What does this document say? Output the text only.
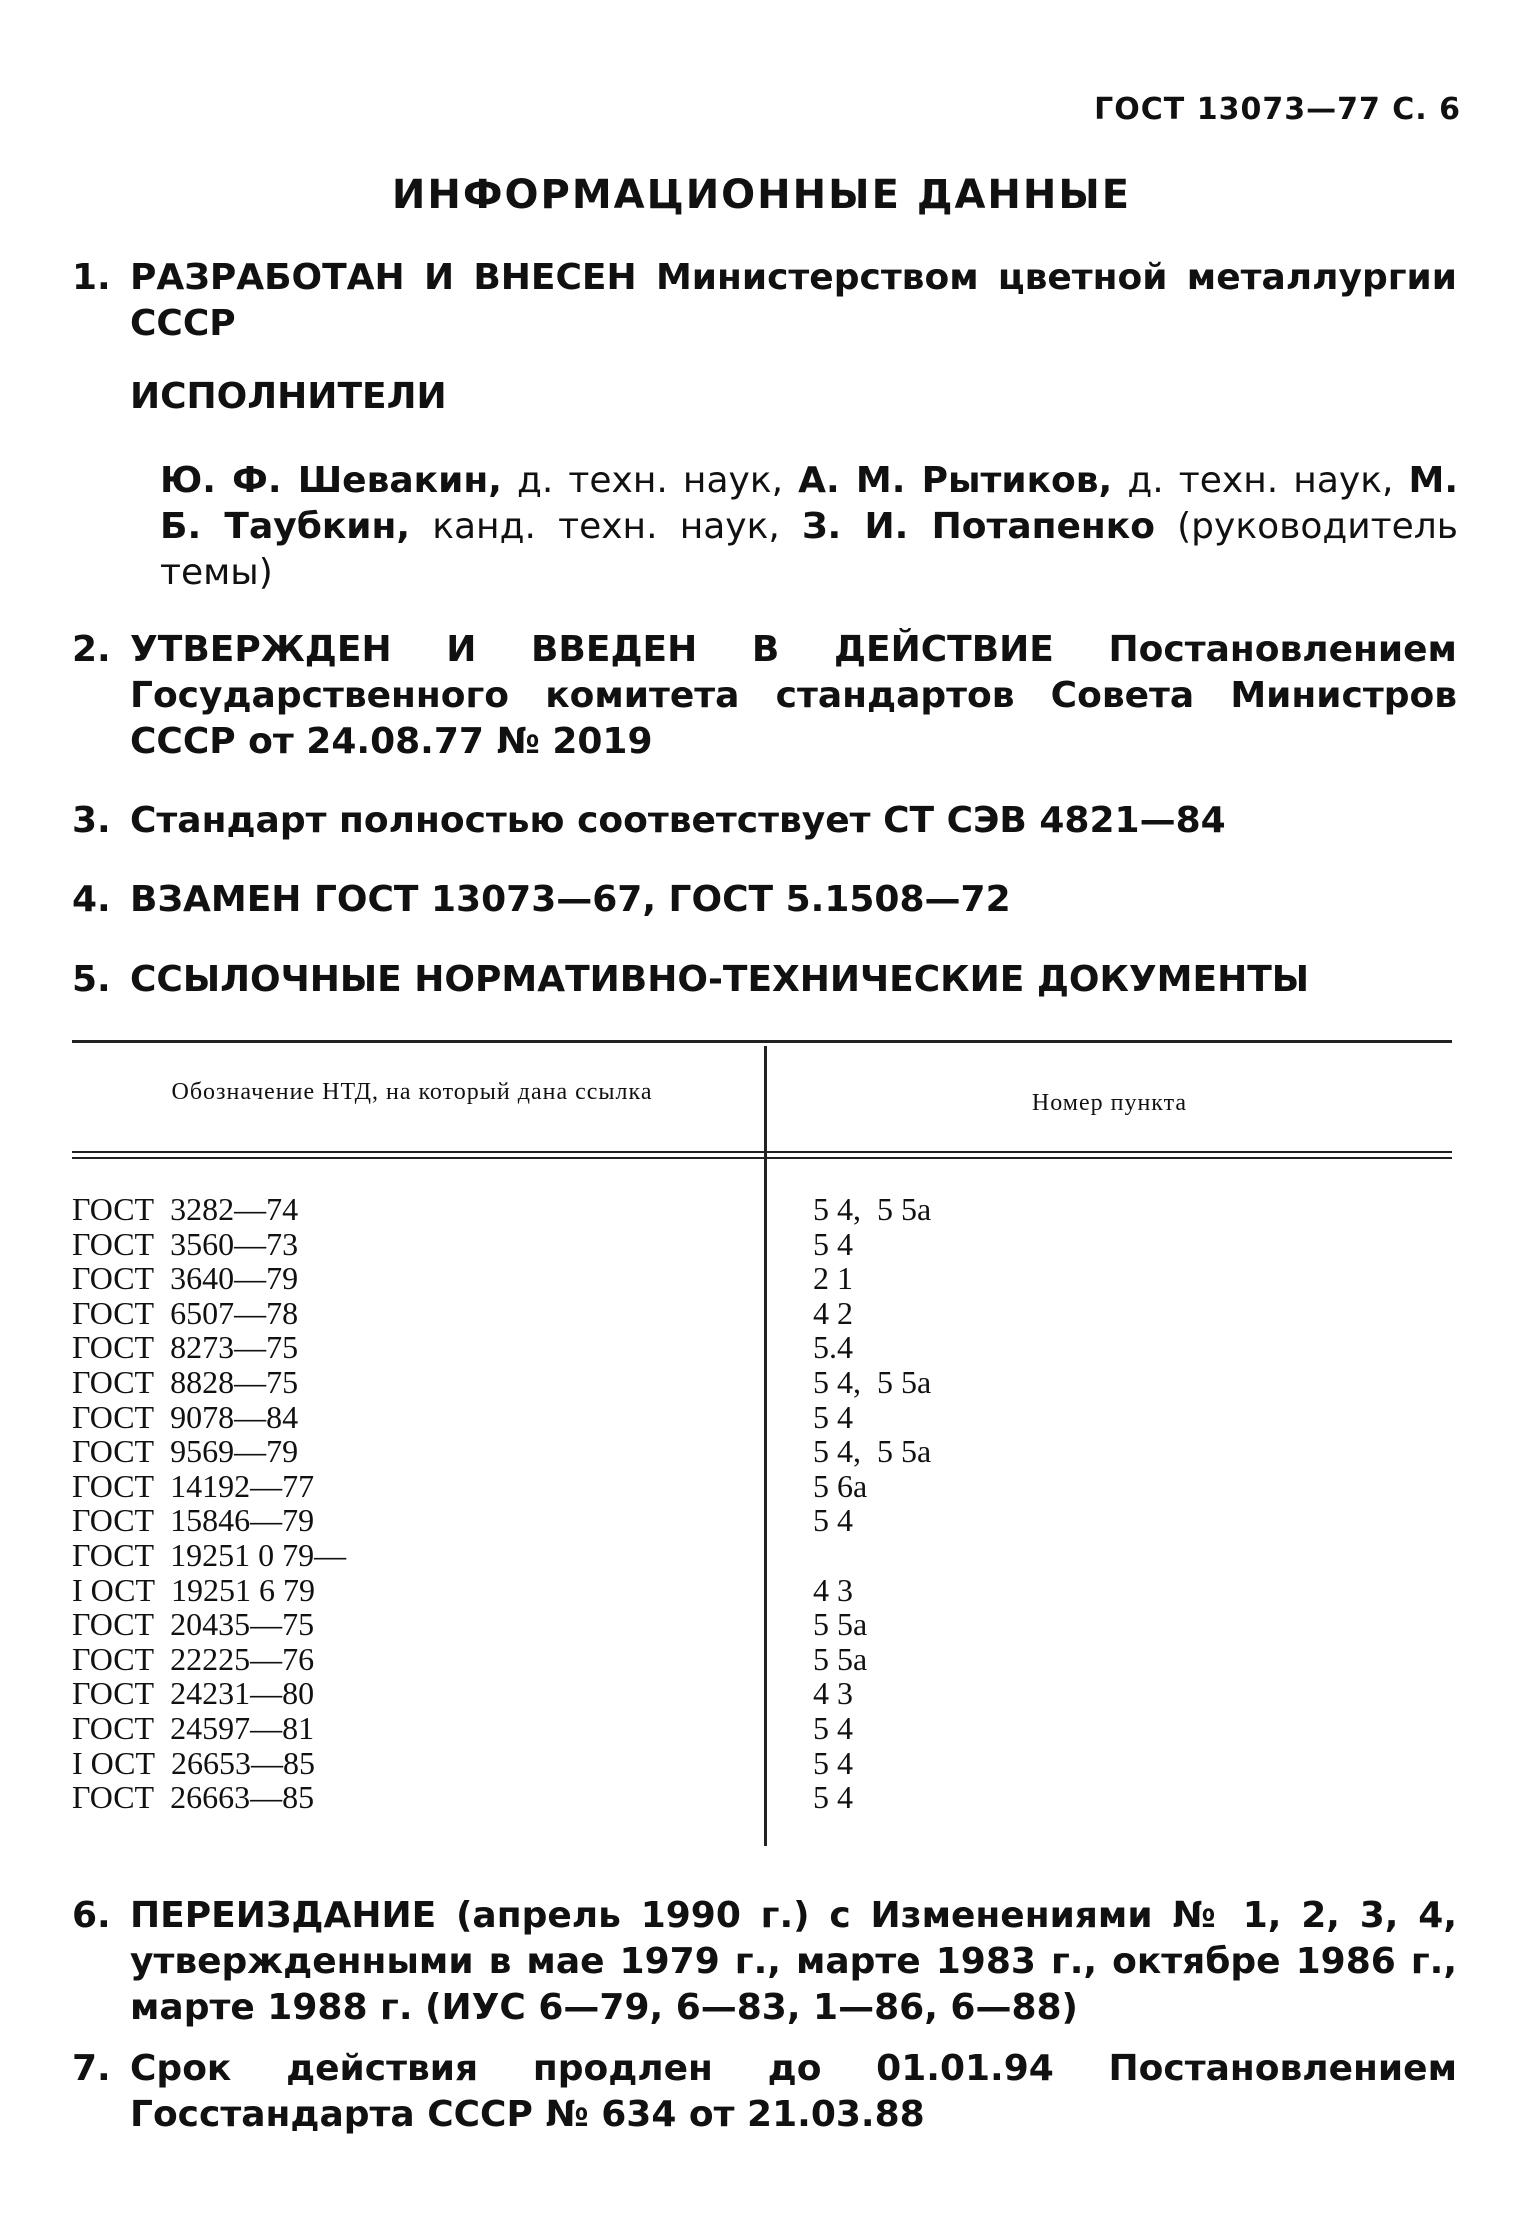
ГОСТ 13073—77 С. 6
ИНФОРМАЦИОННЫЕ ДАННЫЕ
1. РАЗРАБОТАН И ВНЕСЕН Министерством цветной металлургии СССР
ИСПОЛНИТЕЛИ
Ю. Ф. Шевакин, д. техн. наук, А. М. Рытиков, д. техн. наук, М. Б. Таубкин, канд. техн. наук, З. И. Потапенко (руководитель темы)
2. УТВЕРЖДЕН И ВВЕДЕН В ДЕЙСТВИЕ Постановлением Государственного комитета стандартов Совета Министров СССР от 24.08.77 № 2019
3. Стандарт полностью соответствует СТ СЭВ 4821—84
4. ВЗАМЕН ГОСТ 13073—67, ГОСТ 5.1508—72
5. ССЫЛОЧНЫЕ НОРМАТИВНО-ТЕХНИЧЕСКИЕ ДОКУМЕНТЫ
Обозначение НТД, на который дана ссылка	Номер пункта
ГОСТ  3282—74
ГОСТ  3560—73
ГОСТ  3640—79
ГОСТ  6507—78
ГОСТ  8273—75
ГОСТ  8828—75
ГОСТ  9078—84
ГОСТ  9569—79
ГОСТ  14192—77
ГОСТ  15846—79
ГОСТ  19251 0 79—
I ОСТ  19251 6 79
ГОСТ  20435—75
ГОСТ  22225—76
ГОСТ  24231—80
ГОСТ  24597—81
I ОСТ  26653—85
ГОСТ  26663—85
5 4,  5 5а
5 4
2 1
4 2
5.4
5 4,  5 5а
5 4
5 4,  5 5а
5 6а
5 4
4 3
5 5а
5 5а
4 3
5 4
5 4
5 4
6. ПЕРЕИЗДАНИЕ (апрель 1990 г.) с Изменениями № 1, 2, 3, 4, утвержденными в мае 1979 г., марте 1983 г., октябре 1986 г., марте 1988 г. (ИУС 6—79, 6—83, 1—86, 6—88)
7. Срок действия продлен до 01.01.94 Постановлением Госстандарта СССР № 634 от 21.03.88
